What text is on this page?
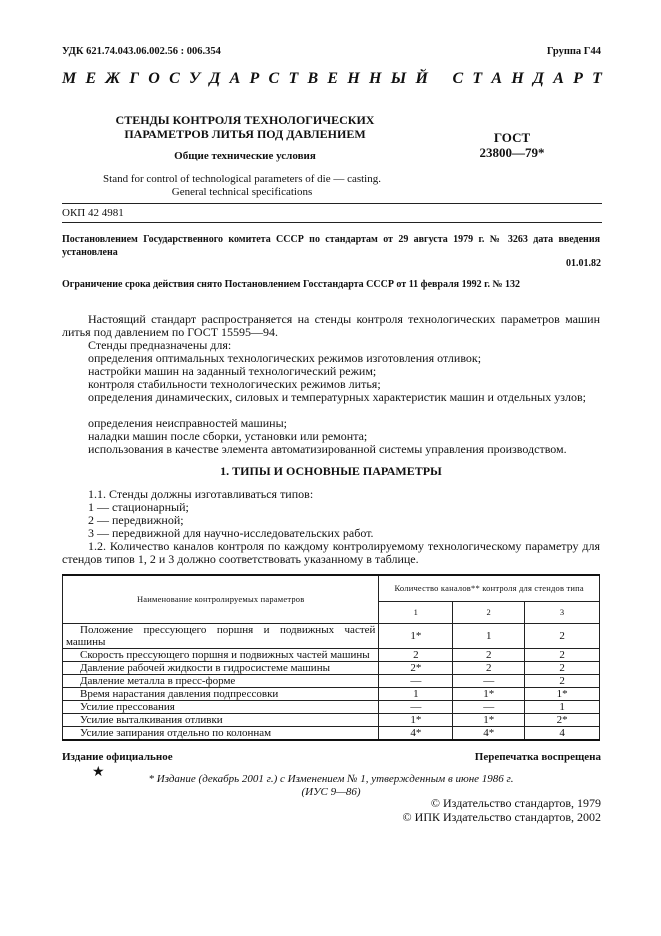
УДК 621.74.043.06.002.56 : 006.354	Группа Г44
М Е Ж Г О С У Д А Р С Т В Е Н Н Ы Й С Т А Н Д А Р Т
СТЕНДЫ КОНТРОЛЯ ТЕХНОЛОГИЧЕСКИХ
ПАРАМЕТРОВ ЛИТЬЯ ПОД ДАВЛЕНИЕМ	ГОСТ
23800—79*
Общие технические условия
Stand for control of technological parameters of die — casting.
General technical specifications
ОКП 42 4981
Постановлением Государственного комитета СССР по стандартам от 29 августа 1979 г. № 3263 дата введения установлена
01.01.82
Ограничение срока действия снято Постановлением Госстандарта СССР от 11 февраля 1992 г. № 132
Настоящий стандарт распространяется на стенды контроля технологических параметров машин литья под давлением по ГОСТ 15595—94.
Стенды предназначены для:
определения оптимальных технологических режимов изготовления отливок;
настройки машин на заданный технологический режим;
контроля стабильности технологических режимов литья;
определения динамических, силовых и температурных характеристик машин и отдельных узлов;
определения неисправностей машины;
наладки машин после сборки, установки или ремонта;
использования в качестве элемента автоматизированной системы управления производством.
1. ТИПЫ И ОСНОВНЫЕ ПАРАМЕТРЫ
1.1. Стенды должны изготавливаться типов:
1 — стационарный;
2 — передвижной;
3 — передвижной для научно-исследовательских работ.
1.2. Количество каналов контроля по каждому контролируемому технологическому параметру для стендов типов 1, 2 и 3 должно соответствовать указанному в таблице.
Наименование контролируемых параметров	Количество каналов** контроля для стендов типа		
	1	2	3
Положение прессующего поршня и подвижных частей машины	1*	1	2
Скорость прессующего поршня и подвижных частей машины	2	2	2
Давление рабочей жидкости в гидросистеме машины	2*	2	2
Давление металла в пресс-форме	—	—	2
Время нарастания давления подпрессовки	1	1*	1*
Усилие прессования	—	—	1
Усилие выталкивания отливки	1*	1*	2*
Усилие запирания отдельно по колоннам	4*	4*	4
Издание официальное	Перепечатка воспрещена
★	* Издание (декабрь 2001 г.) с Изменением № 1, утвержденным в июне 1986 г.
(ИУС 9—86)
© Издательство стандартов, 1979
© ИПК Издательство стандартов, 2002
